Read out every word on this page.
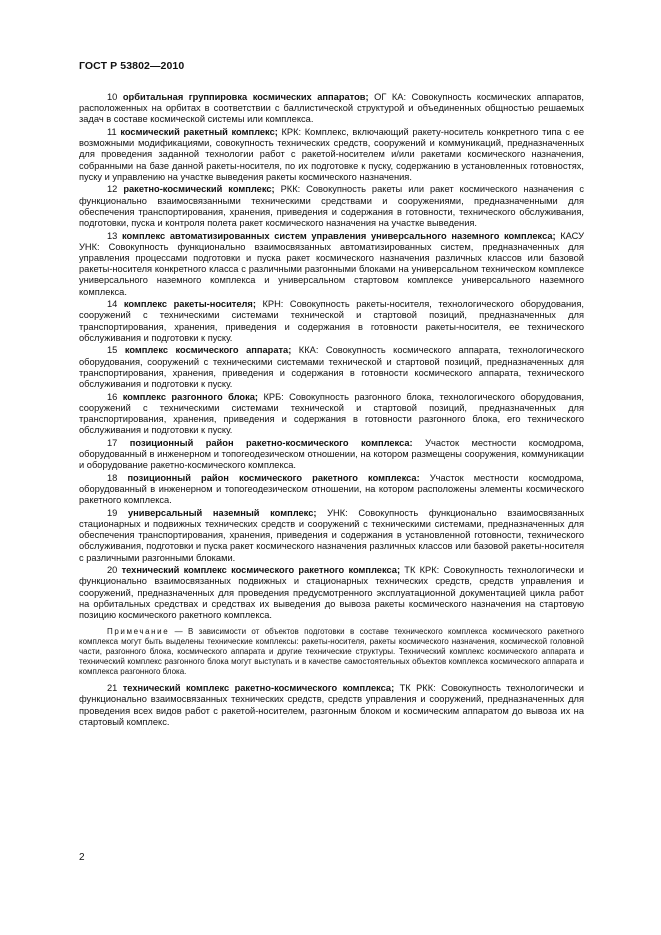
ГОСТ Р 53802—2010

10 орбитальная группировка космических аппаратов; ОГ КА: Совокупность космических аппаратов, расположенных на орбитах в соответствии с баллистической структурой и объединенных общностью решаемых задач в составе космической системы или комплекса.

11 космический ракетный комплекс; КРК: Комплекс, включающий ракету-носитель конкретного типа с ее возможными модификациями, совокупность технических средств, сооружений и коммуникаций, предназначенных для проведения заданной технологии работ с ракетой-носителем и/или ракетами космического назначения, собранными на базе данной ракеты-носителя, по их подготовке к пуску, содержанию в установленных готовностях, пуску и управлению на участке выведения ракеты космического назначения.

12 ракетно-космический комплекс; РКК: Совокупность ракеты или ракет космического назначения с функционально взаимосвязанными техническими средствами и сооружениями, предназначенными для обеспечения транспортирования, хранения, приведения и содержания в готовности, технического обслуживания, подготовки, пуска и контроля полета ракет космического назначения на участке выведения.

13 комплекс автоматизированных систем управления универсального наземного комплекса; КАСУ УНК: Совокупность функционально взаимосвязанных автоматизированных систем, предназначенных для управления процессами подготовки и пуска ракет космического назначения различных классов или базовой ракеты-носителя конкретного класса с различными разгонными блоками на универсальном техническом комплексе универсального наземного комплекса и универсальном стартовом комплексе универсального наземного комплекса.

14 комплекс ракеты-носителя; КРН: Совокупность ракеты-носителя, технологического оборудования, сооружений с техническими системами технической и стартовой позиций, предназначенных для транспортирования, хранения, приведения и содержания в готовности ракеты-носителя, ее технического обслуживания и подготовки к пуску.

15 комплекс космического аппарата; ККА: Совокупность космического аппарата, технологического оборудования, сооружений с техническими системами технической и стартовой позиций, предназначенных для транспортирования, хранения, приведения и содержания в готовности космического аппарата, технического обслуживания и подготовки к пуску.

16 комплекс разгонного блока; КРБ: Совокупность разгонного блока, технологического оборудования, сооружений с техническими системами технической и стартовой позиций, предназначенных для транспортирования, хранения, приведения и содержания в готовности разгонного блока, его технического обслуживания и подготовки к пуску.

17 позиционный район ракетно-космического комплекса: Участок местности космодрома, оборудованный в инженерном и топогеодезическом отношении, на котором размещены сооружения, коммуникации и оборудование ракетно-космического комплекса.

18 позиционный район космического ракетного комплекса: Участок местности космодрома, оборудованный в инженерном и топогеодезическом отношении, на котором расположены элементы космического ракетного комплекса.

19 универсальный наземный комплекс; УНК: Совокупность функционально взаимосвязанных стационарных и подвижных технических средств и сооружений с техническими системами, предназначенных для обеспечения транспортирования, хранения, приведения и содержания в установленной готовности, технического обслуживания, подготовки и пуска ракет космического назначения различных классов или базовой ракеты-носителя с различными разгонными блоками.

20 технический комплекс космического ракетного комплекса; ТК КРК: Совокупность технологически и функционально взаимосвязанных подвижных и стационарных технических средств, средств управления и сооружений, предназначенных для проведения предусмотренного эксплуатационной документацией цикла работ на орбитальных средствах и средствах их выведения до вывоза ракеты космического назначения на стартовую позицию космического ракетного комплекса.

Примечание — В зависимости от объектов подготовки в составе технического комплекса космического ракетного комплекса могут быть выделены технические комплексы: ракеты-носителя, ракеты космического назначения, космической головной части, разгонного блока, космического аппарата и другие технические структуры. Технический комплекс космического аппарата и технический комплекс разгонного блока могут выступать и в качестве самостоятельных объектов комплекса космического аппарата и комплекса разгонного блока.

21 технический комплекс ракетно-космического комплекса; ТК РКК: Совокупность технологически и функционально взаимосвязанных технических средств, средств управления и сооружений, предназначенных для проведения всех видов работ с ракетой-носителем, разгонным блоком и космическим аппаратом до вывоза их на стартовый комплекс.

2
